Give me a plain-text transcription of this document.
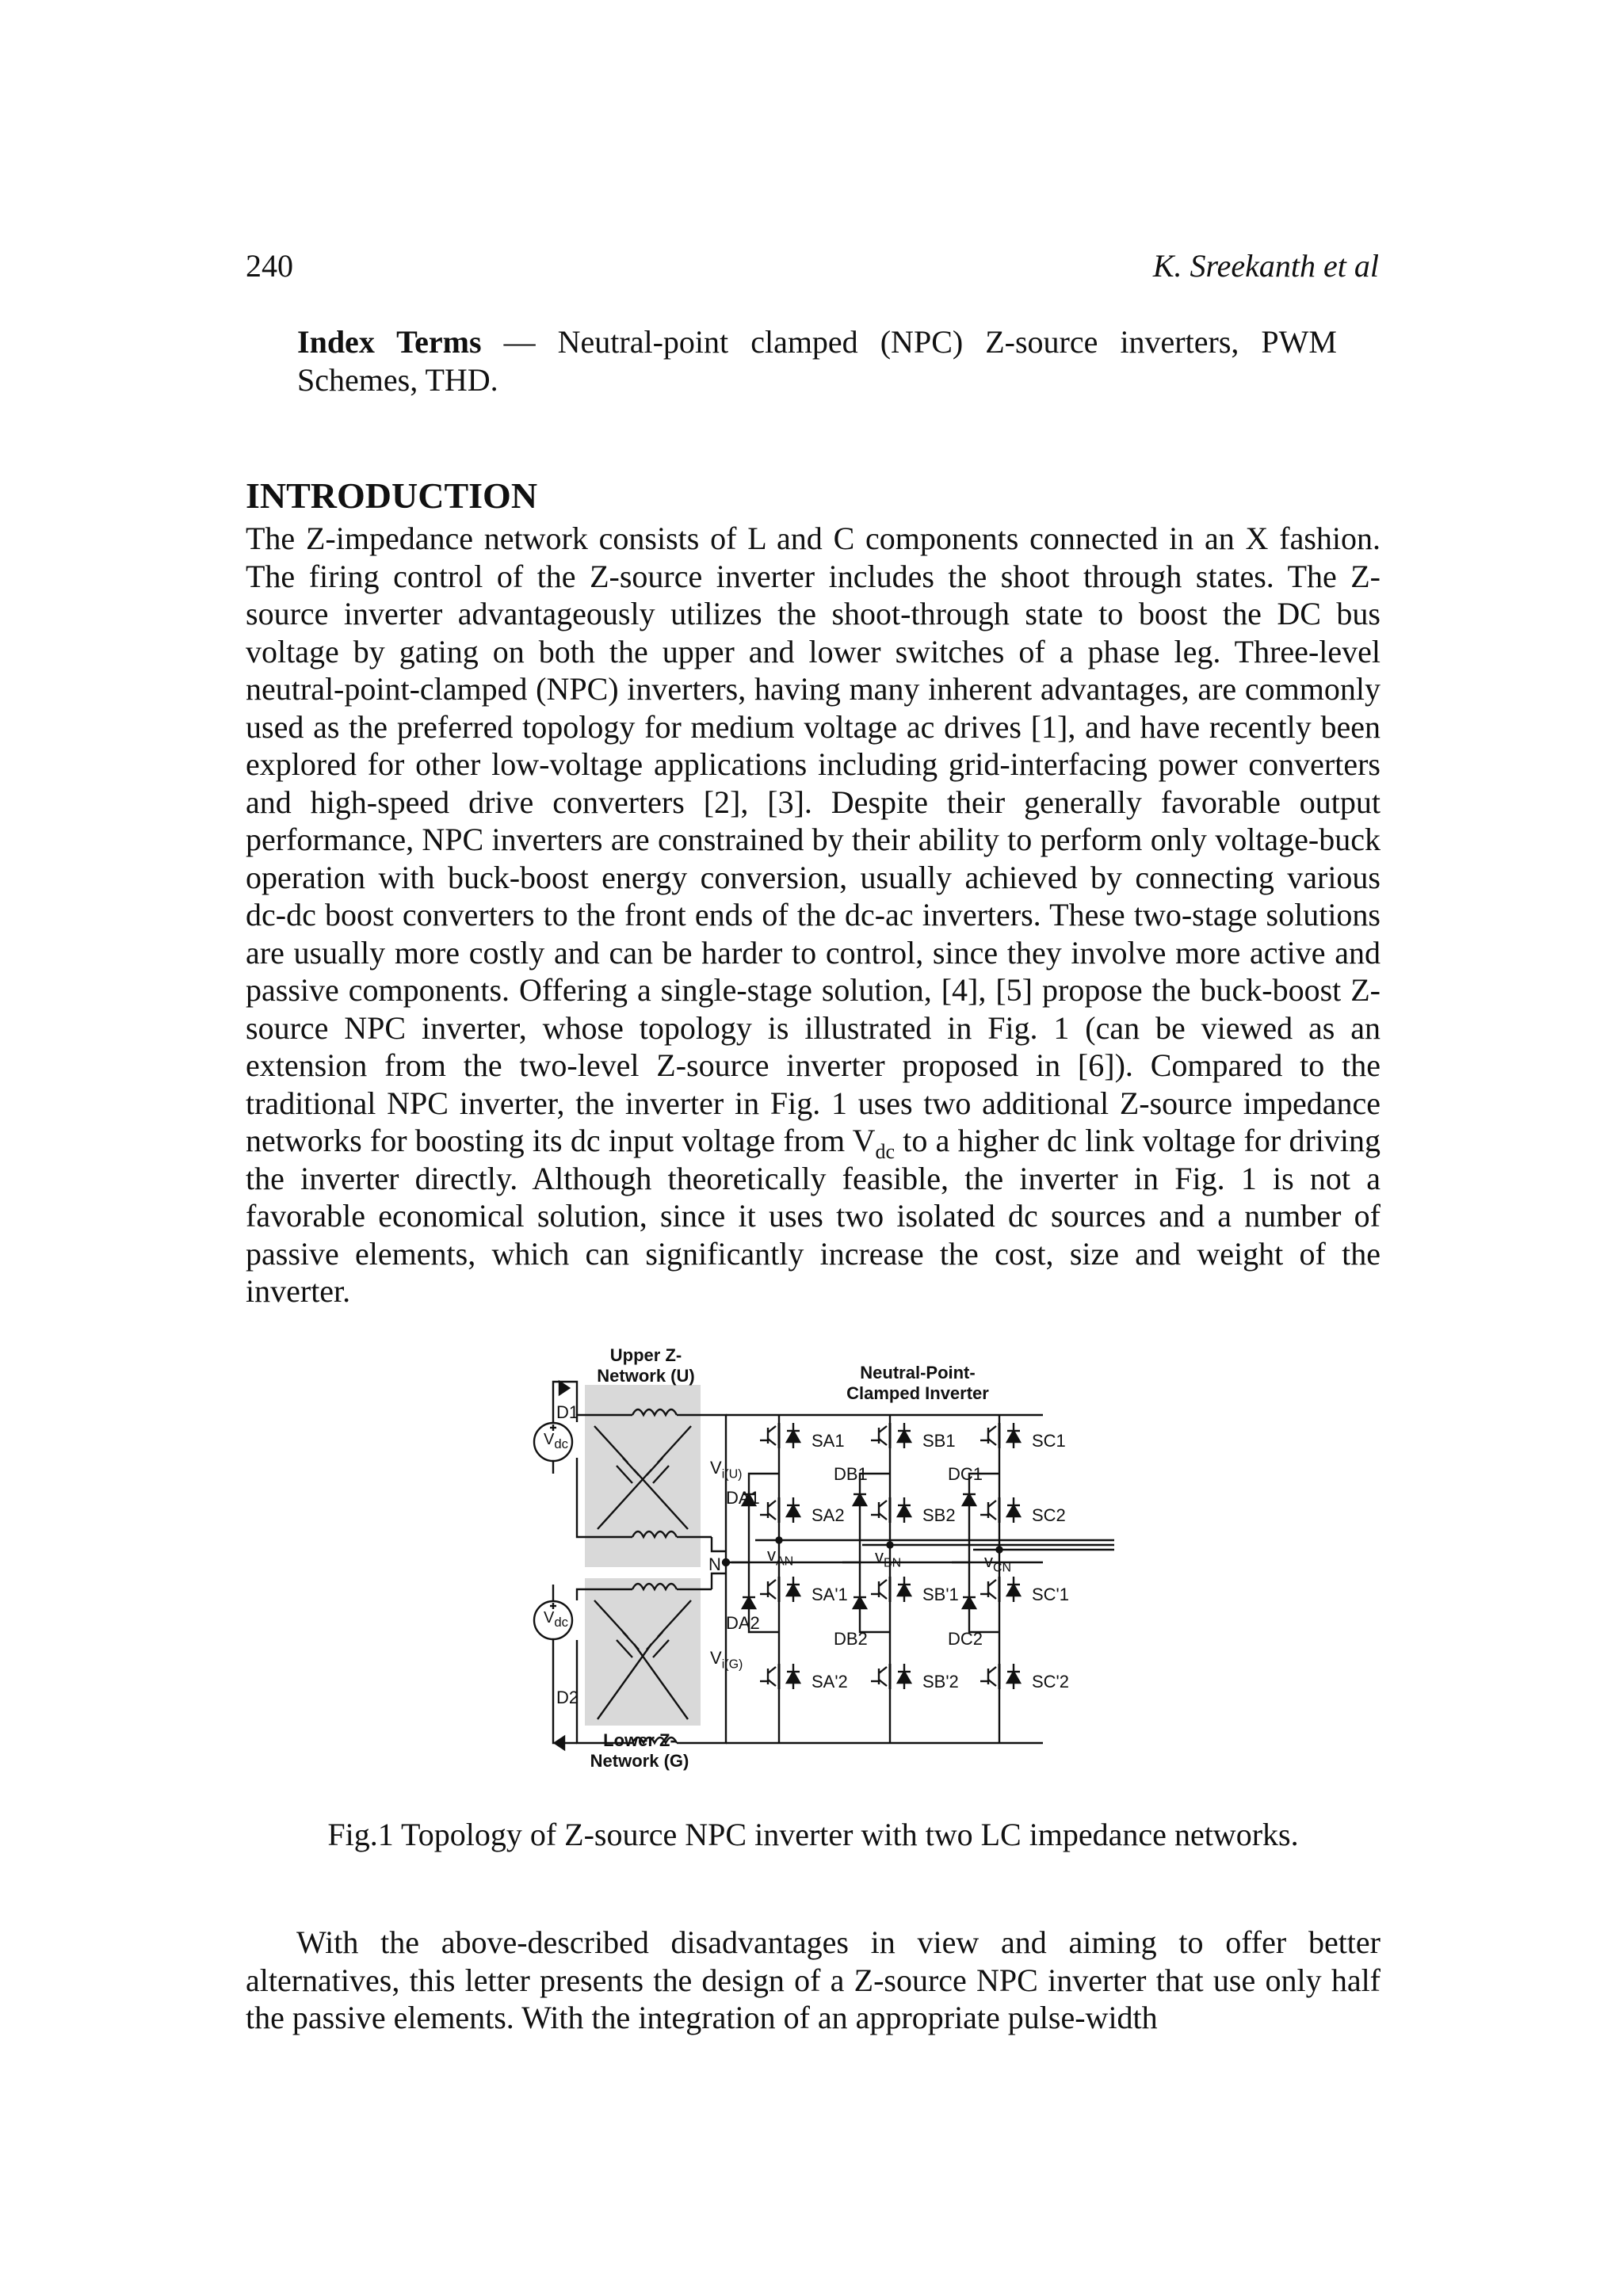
240	K. Sreekanth et al
Index Terms — Neutral-point clamped (NPC) Z-source inverters, PWM Schemes, THD.
INTRODUCTION

The Z-impedance network consists of L and C components connected in an X fashion. The firing control of the Z-source inverter includes the shoot through states. The Z-source inverter advantageously utilizes the shoot-through state to boost the DC bus voltage by gating on both the upper and lower switches of a phase leg. Three-level neutral-point-clamped (NPC) inverters, having many inherent advantages, are commonly used as the preferred topology for medium voltage ac drives [1], and have recently been explored for other low-voltage applications including grid-interfacing power converters and high-speed drive converters [2], [3]. Despite their generally favorable output performance, NPC inverters are constrained by their ability to perform only voltage-buck operation with buck-boost energy conversion, usually achieved by connecting various dc-dc boost converters to the front ends of the dc-ac inverters. These two-stage solutions are usually more costly and can be harder to control, since they involve more active and passive components. Offering a single-stage solution, [4], [5] propose the buck-boost Z-source NPC inverter, whose topology is illustrated in Fig. 1 (can be viewed as an extension from the two-level Z-source inverter proposed in [6]). Compared to the traditional NPC inverter, the inverter in Fig. 1 uses two additional Z-source impedance networks for boosting its dc input voltage from $V_{dc}$ to a higher dc link voltage for driving the inverter directly. Although theoretically feasible, the inverter in Fig. 1 is not a favorable economical solution, since it uses two isolated dc sources and a number of passive elements, which can significantly increase the cost, size and weight of the inverter.

Upper Z-
Network (U)
Lower Z-
Network (G)
Neutral-Point-
Clamped Inverter
D1
D2
$V_{dc}$
$V_{dc}$
$V_{i(U)}$
$V_{i(G)}$
N
DA1
DA2
DB1
DB2
DC1
DC2
$v_{AN}$	$v_{BN}$	$v_{CN}$
SA1
SA2
SA'1
SA'2
SB1
SB2
SB'1
SB'2
SC1
SC2
SC'1
SC'2
Fig.1 Topology of Z-source NPC inverter with two LC impedance networks.

With the above-described disadvantages in view and aiming to offer better alternatives, this letter presents the design of a Z-source NPC inverter that use only half the passive elements. With the integration of an appropriate pulse-width
